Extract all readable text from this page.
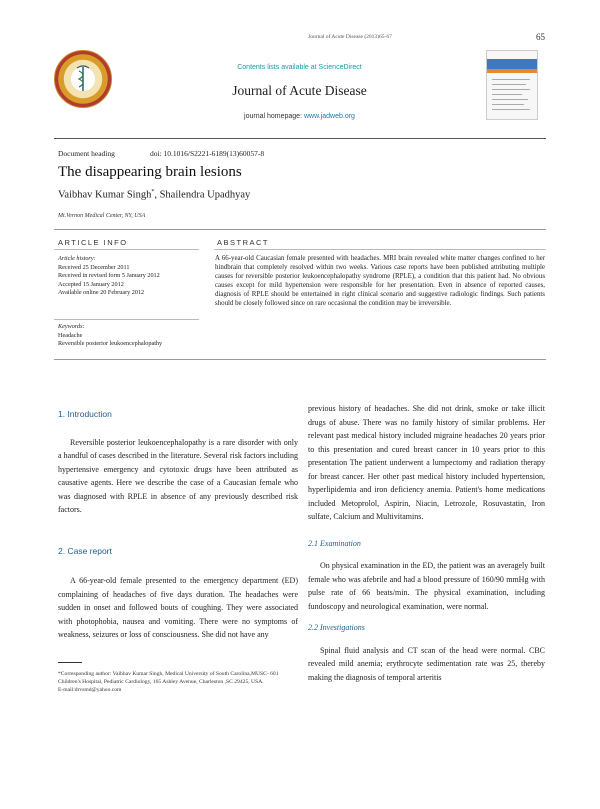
Journal of Acute Disease (2013)65-67	65
Contents lists available at ScienceDirect
Journal of Acute Disease
journal homepage: www.jadweb.org
Document heading	doi: 10.1016/S2221-6189(13)60057-8
The disappearing brain lesions
Vaibhav Kumar Singh*, Shailendra Upadhyay
Mt.Vernon Medical Center, NY, USA
ARTICLE INFO	ABSTRACT
Article history:
Received 25 December 2011
Received in revised form 5 January 2012
Accepted 15 January 2012
Available online 20 February 2012
Keywords:
Headache
Reversible posterior leukoencephalopathy
A 66-year-old Caucasian female presented with headaches. MRI brain revealed white matter changes confined to her hindbrain that completely resolved within two weeks. Various case reports have been published attributing multiple causes for reversible posterior leukoencephalopathy syndrome (RPLE), a condition that this patient had. No obvious causes except for mild hypertension were responsible for her presentation. Even in absence of reported causes, diagnosis of RPLE should be entertained in right clinical scenario and suggestive radiologic findings. Such patients should be closely followed since on rare occasional the condition may be irreversible.
1. Introduction

Reversible posterior leukoencephalopathy is a rare disorder with only a handful of cases described in the literature. Several risk factors including hypertensive emergency and cytotoxic drugs have been attributed as causative agents. Here we describe the case of a Caucasian female who was diagnosed with RPLE in absence of any previously described risk factors.

2. Case report

A 66-year-old female presented to the emergency department (ED) complaining of headaches of five days duration. The headaches were sudden in onset and followed bouts of coughing. They were associated with photophobia, nausea and vomiting. There were no symptoms of weakness, seizures or loss of consciousness. She did not have any

previous history of headaches. She did not drink, smoke or take illicit drugs of abuse. There was no family history of similar problems. Her relevant past medical history included migraine headaches 20 years prior to this presentation and cured breast cancer in 10 years prior to this presentation The patient underwent a lumpectomy and radiation therapy for breast cancer. Her other past medical history included hypertension, hyperlipidemia and iron deficiency anemia. Patient's home medications included Metoprolol, Aspirin, Niacin, Letrozole, Rosuvastatin, Iron sulfate, Calcium and Multivitamins.

2.1 Examination

On physical examination in the ED, the patient was an averagely built female who was afebrile and had a blood pressure of 160/90 mmHg with pulse rate of 66 beats/min. The physical examination, including fundoscopy and neurological examination, were normal.

2.2 Investigations

Spinal fluid analysis and CT scan of the head were normal. CBC revealed mild anemia; erythrocyte sedimentation rate was 25, thereby making the diagnosis of temporal arteritis

*Corresponding author: Vaibhav Kumar Singh, Medical University of South Carolina,MUSC- 601 Children's Hospital, Pediatric Cardiology, 165 Ashley Avenue, Charleston ,SC 29425, USA.
E-mail:drvsmd@yahoo.com
